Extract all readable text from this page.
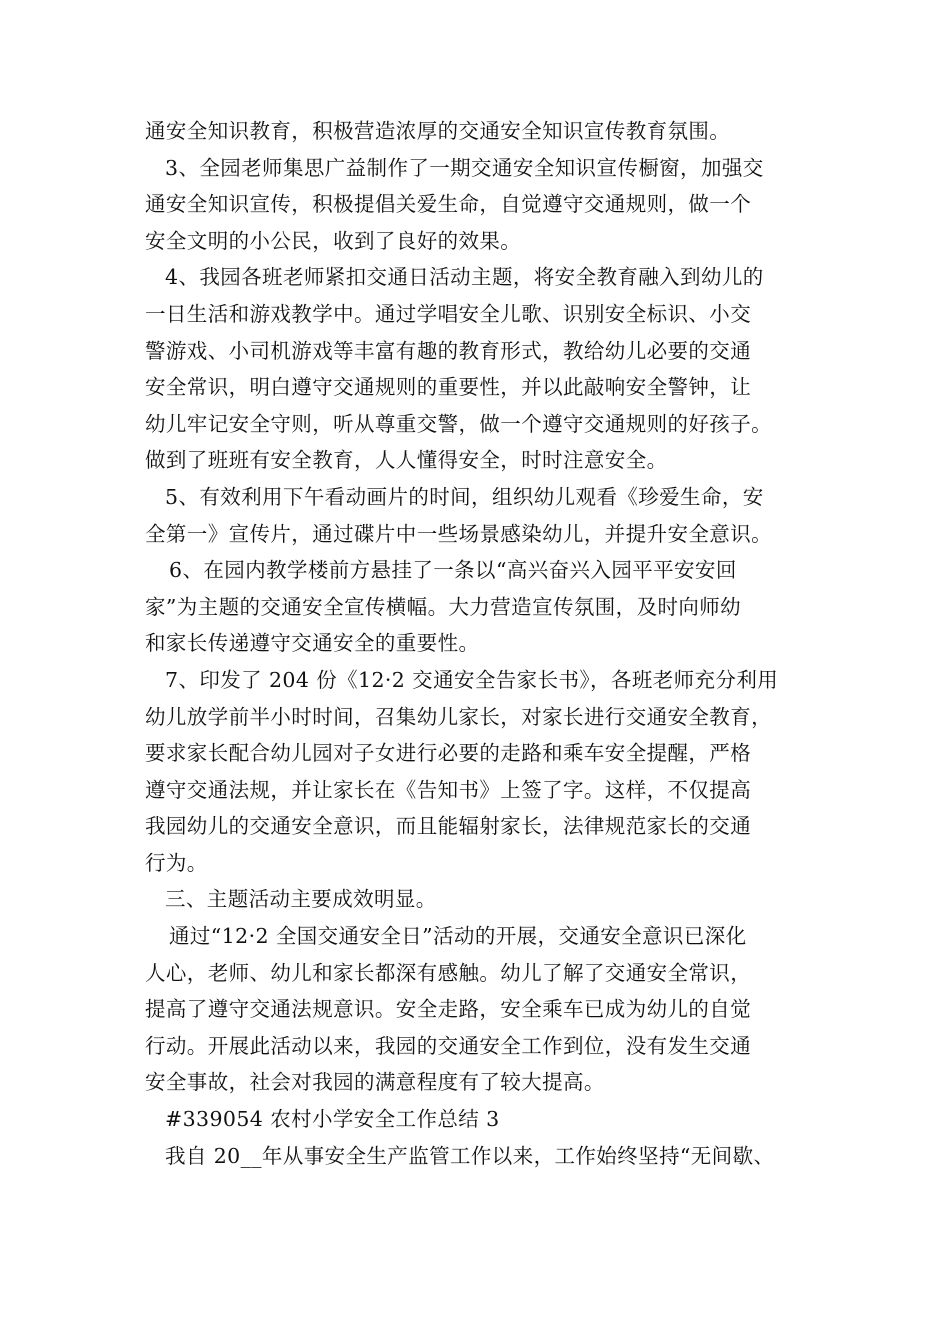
通安全知识教育，积极营造浓厚的交通安全知识宣传教育氛围。
3、全园老师集思广益制作了一期交通安全知识宣传橱窗，加强交
通安全知识宣传，积极提倡关爱生命，自觉遵守交通规则，做一个
安全文明的小公民，收到了良好的效果。
4、我园各班老师紧扣交通日活动主题，将安全教育融入到幼儿的
一日生活和游戏教学中。通过学唱安全儿歌、识别安全标识、小交
警游戏、小司机游戏等丰富有趣的教育形式，教给幼儿必要的交通
安全常识，明白遵守交通规则的重要性，并以此敲响安全警钟，让
幼儿牢记安全守则，听从尊重交警，做一个遵守交通规则的好孩子。
做到了班班有安全教育，人人懂得安全，时时注意安全。
5、有效利用下午看动画片的时间，组织幼儿观看《珍爱生命，安
全第一》宣传片，通过碟片中一些场景感染幼儿，并提升安全意识。
6、在园内教学楼前方悬挂了一条以“高兴奋兴入园平平安安回
家”为主题的交通安全宣传横幅。大力营造宣传氛围，及时向师幼
和家长传递遵守交通安全的重要性。
7、印发了 204 份《12·2 交通安全告家长书》，各班老师充分利用
幼儿放学前半小时时间，召集幼儿家长，对家长进行交通安全教育，
要求家长配合幼儿园对子女进行必要的走路和乘车安全提醒，严格
遵守交通法规，并让家长在《告知书》上签了字。这样，不仅提高
我园幼儿的交通安全意识，而且能辐射家长，法律规范家长的交通
行为。
三、主题活动主要成效明显。
通过“12·2 全国交通安全日”活动的开展，交通安全意识已深化
人心，老师、幼儿和家长都深有感触。幼儿了解了交通安全常识，
提高了遵守交通法规意识。安全走路，安全乘车已成为幼儿的自觉
行动。开展此活动以来，我园的交通安全工作到位，没有发生交通
安全事故，社会对我园的满意程度有了较大提高。
#339054 农村小学安全工作总结 3
我自 20__年从事安全生产监管工作以来，工作始终坚持“无间歇、
